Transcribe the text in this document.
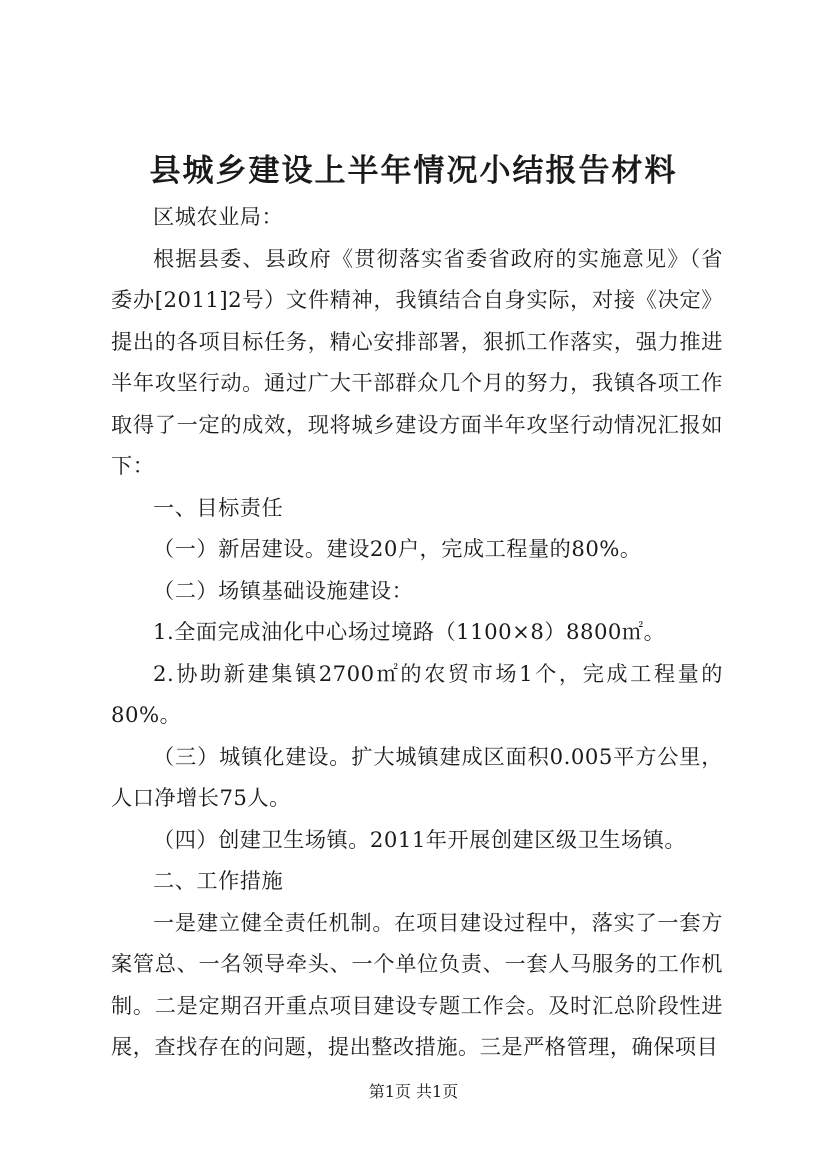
县城乡建设上半年情况小结报告材料

区城农业局：

根据县委、县政府《贯彻落实省委省政府的实施意见》（省委办[2011]2号）文件精神，我镇结合自身实际，对接《决定》提出的各项目标任务，精心安排部署，狠抓工作落实，强力推进半年攻坚行动。通过广大干部群众几个月的努力，我镇各项工作取得了一定的成效，现将城乡建设方面半年攻坚行动情况汇报如下：

一、目标责任

（一）新居建设。建设20户，完成工程量的80%。

（二）场镇基础设施建设：

1.全面完成油化中心场过境路（1100×8）8800㎡。

2.协助新建集镇2700㎡的农贸市场1个，完成工程量的80%。

（三）城镇化建设。扩大城镇建成区面积0.005平方公里，人口净增长75人。

（四）创建卫生场镇。2011年开展创建区级卫生场镇。

二、工作措施

一是建立健全责任机制。在项目建设过程中，落实了一套方案管总、一名领导牵头、一个单位负责、一套人马服务的工作机制。二是定期召开重点项目建设专题工作会。及时汇总阶段性进展，查找存在的问题，提出整改措施。三是严格管理，确保项目

第1页 共1页
